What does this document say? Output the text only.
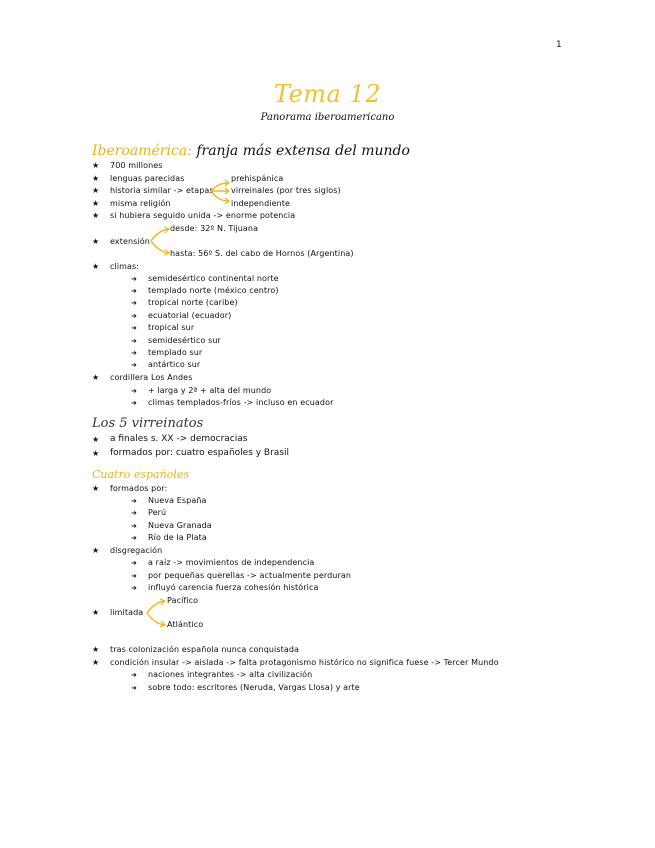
1
Tema 12
Panorama iberoamericano
Iberoamérica: franja más extensa del mundo
★ 700 millones
★ lenguas parecidas
★ historia similar -> etapas
★ misma religión
★ si hubiera seguido unida -> enorme potencia
★ extensión
★ climas:
★ cordillera Los Andes
prehispánica
virreinales (por tres siglos)
independiente
desde: 32º N. Tijuana
hasta: 56º S. del cabo de Hornos (Argentina)
➜ semidesértico continental norte
➜ templado norte (méxico centro)
➜ tropical norte (caribe)
➜ ecuatorial (ecuador)
➜ tropical sur
➜ semidesértico sur
➜ templado sur
➜ antártico sur
➜ + larga y 2ª + alta del mundo
➜ climas templados-fríos -> incluso en ecuador
Los 5 virreinatos
★ a finales s. XX -> democracias
★ formados por: cuatro españoles y Brasil
Cuatro españoles
★ formados por:
➜ Nueva España
➜ Perú
➜ Nueva Granada
➜ Río de la Plata
★ disgregación
➜ a raíz -> movimientos de independencia
➜ por pequeñas querellas -> actualmente perduran
➜ influyó carencia fuerza cohesión histórica
★ limitada
Pacífico
Atlántico
★ tras colonización española nunca conquistada
★ condición insular -> aislada -> falta protagonismo histórico no significa fuese -> Tercer Mundo
➜ naciones integrantes -> alta civilización
➜ sobre todo: escritores (Neruda, Vargas Llosa) y arte
